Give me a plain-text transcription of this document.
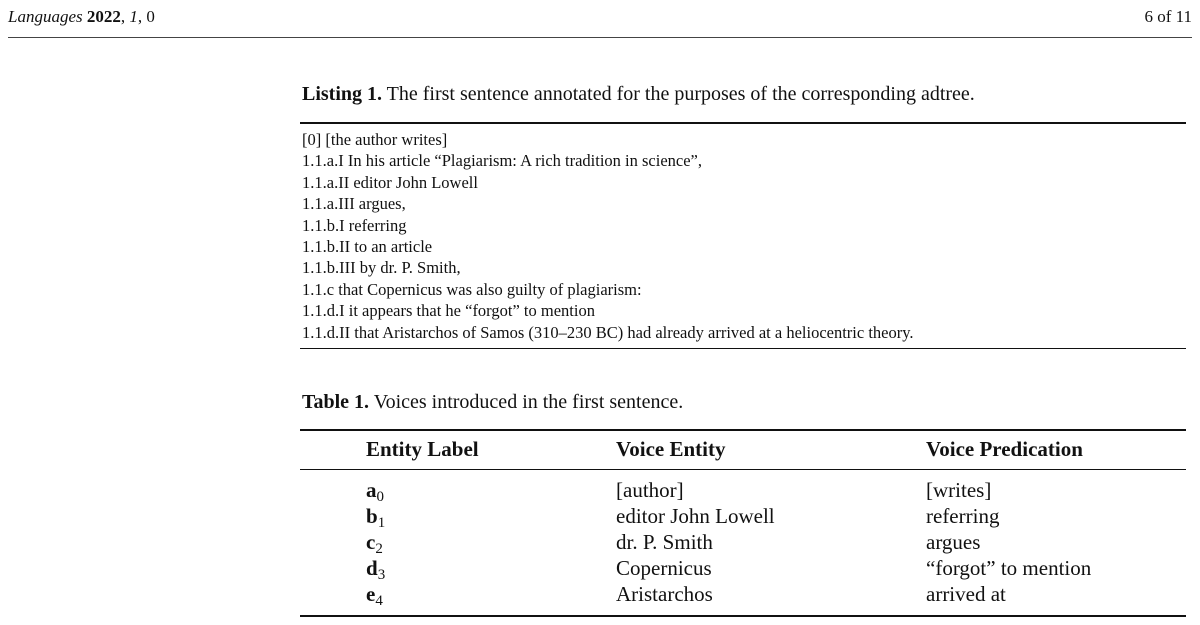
Languages 2022, 1, 0	6 of 11
Listing 1. The first sentence annotated for the purposes of the corresponding adtree.
[0] [the author writes]
1.1.a.I In his article “Plagiarism: A rich tradition in science”,
1.1.a.II editor John Lowell
1.1.a.III argues,
1.1.b.I referring
1.1.b.II to an article
1.1.b.III by dr. P. Smith,
1.1.c that Copernicus was also guilty of plagiarism:
1.1.d.I it appears that he “forgot” to mention
1.1.d.II that Aristarchos of Samos (310–230 BC) had already arrived at a heliocentric theory.
Table 1. Voices introduced in the first sentence.
Entity Label	Voice Entity	Voice Predication
$a_0$	[author]	[writes]
$b_1$	editor John Lowell	referring
$c_2$	dr. P. Smith	argues
$d_3$	Copernicus	“forgot” to mention
$e_4$	Aristarchos	arrived at
